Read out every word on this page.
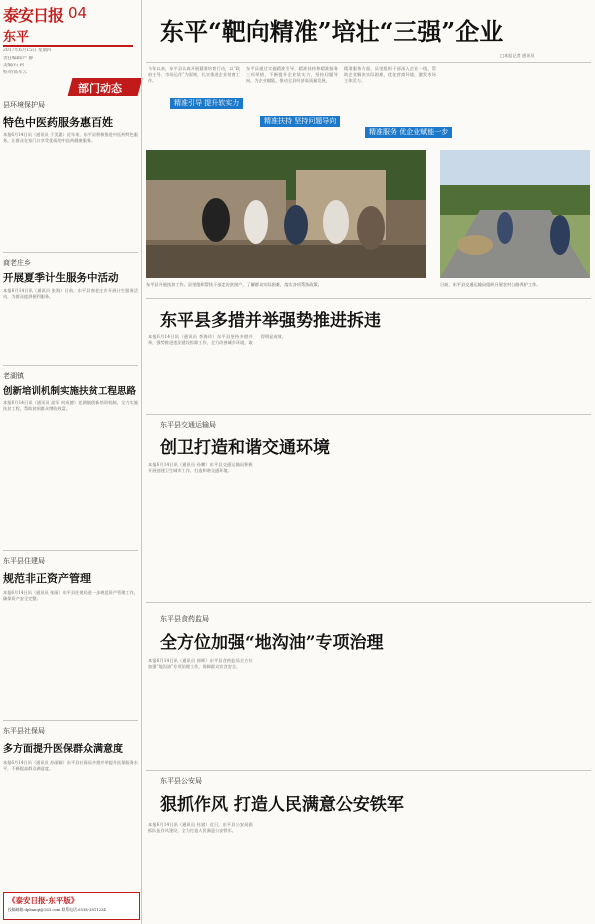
泰安日报 04
东平
2017年6月15日 星期四
责任编辑/卢 静
美编/石 莉
校对/高军云
部门动态
县环境保护局
特色中医药服务惠百姓
本报6月14日讯（通讯员 于美惠）近年来，东平县积极推进中医药特色服务，让群众在家门口享受优质的中医药健康服务。
商老庄乡
开展夏季计生服务中活动
本报6月14日讯（通讯员 张海）日前，东平县商老庄乡开展计生服务活动，为群众提供便利服务。
老湖镇
创新培训机制实施扶贫工程思路
本报6月14日讯（通讯员 高军 何成德）老湖镇创新培训机制，全力实施扶贫工程，帮助贫困群众增收致富。
东平县住建局
规范非正资产管理
本报6月14日讯（通讯员 张丽）东平县住建局进一步规范资产管理工作，确保资产安全完整。
东平县社保局
多方面提升医保群众满意度
本报6月14日讯（通讯员 苏丽颖）东平县社保局多措并举提升医保服务水平，不断提高群众满意度。
《泰安日报·东平版》
投稿邮箱:dpbanqi@163.com 联系电话:0538-2811234
东平“靶向精准”培壮“三强”企业
□本报记者 通讯员
今年以来，东平县认真开展精准培育行动，以“政府主导、市场运作”为原则，扎实推进企业培育工作。
精准引导 提升软实力
东平县通过实施精准引导、精准扶持和精准服务三项举措，不断提升企业软实力，坚持问题导向，为企业赋能，推动全县经济高质量发展。
精准扶持 坚持问题导向
精准服务方面，县里组织干部深入企业一线，帮助企业解决实际困难，优化营商环境，激发市场主体活力。
精准服务 优企业赋能一步
东平县开展扶贫工作。县里组织帮扶干部走访贫困户，了解群众实际困难，落实各项帮扶政策。	日前，东平县交通运输局组织开展农村公路养护工作。
东平县多措并举强势推进拆违
本报6月14日讯（通讯员 李海玲）东平县坚持多措并举，强势推进违法建设拆除工作，全力改善城乡环境，取得明显成效。
东平县交通运输局
创卫打造和谐交通环境
本报6月14日讯（通讯员 孙鹏）东平县交通运输局积极开展创建卫生城市工作，打造和谐交通环境。
东平县食药监局
全方位加强“地沟油”专项治理
本报6月14日讯（通讯员 郭辉）东平县食药监局全方位加强“地沟油”专项治理工作，保障群众饮食安全。
东平县公安局
狠抓作风 打造人民满意公安铁军
本报6月14日讯（通讯员 杜斌）近日，东平县公安局狠抓队伍作风建设，全力打造人民满意公安铁军。
